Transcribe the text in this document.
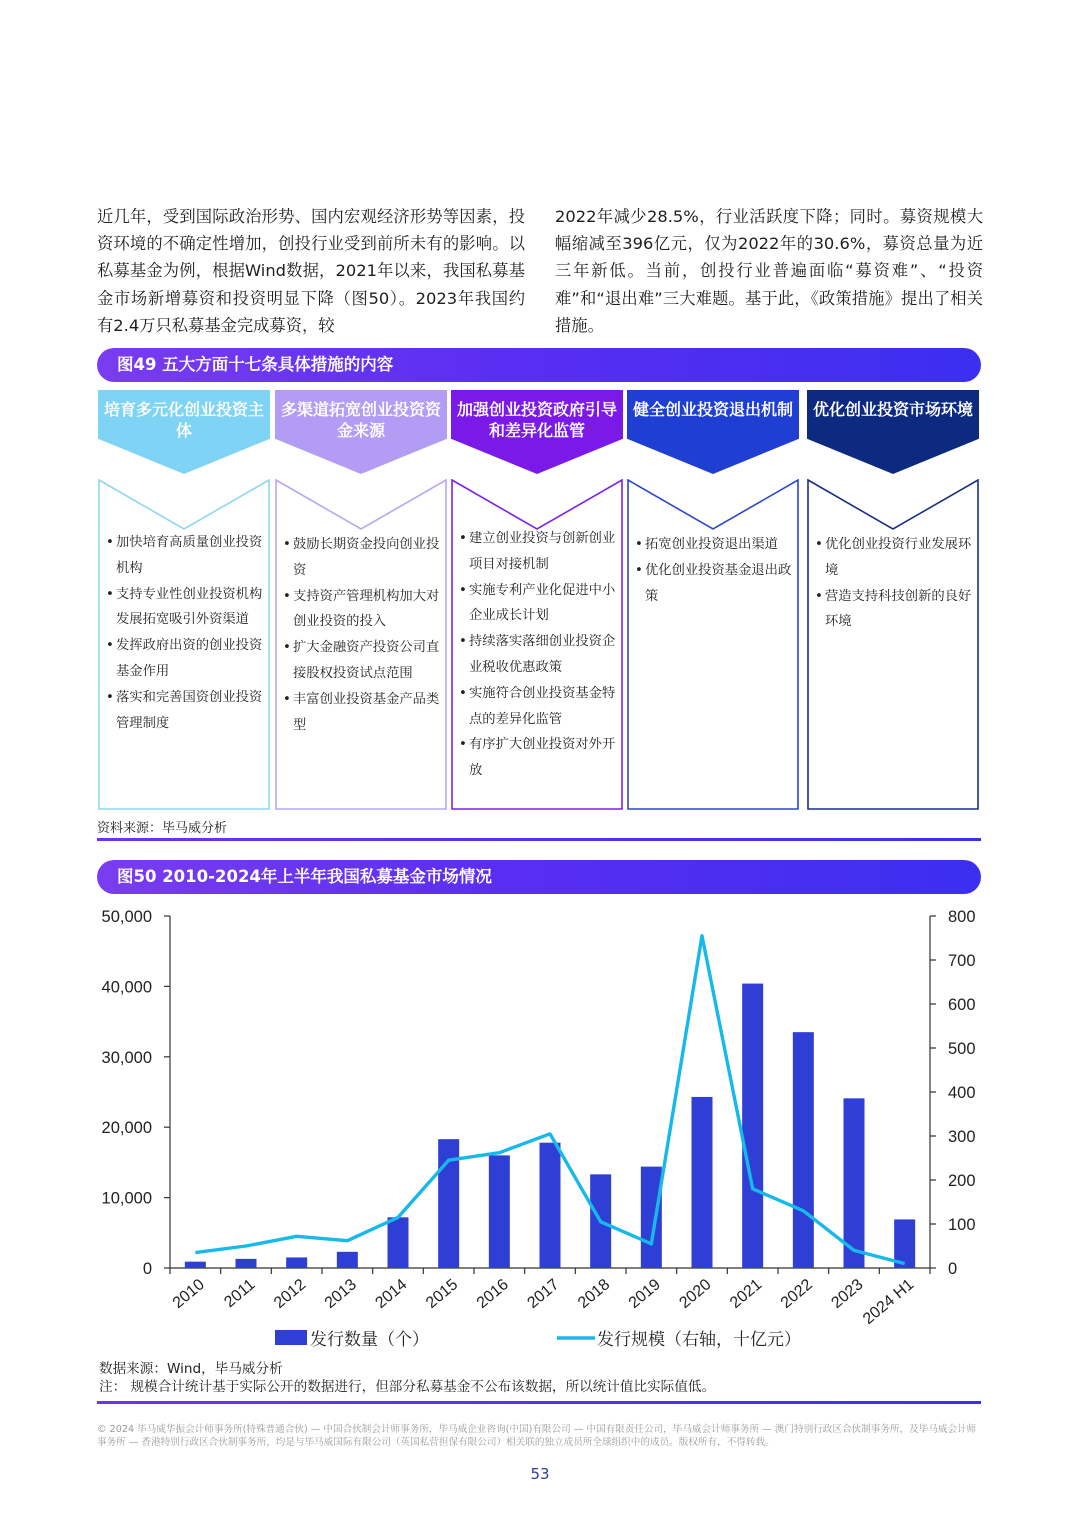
近几年，受到国际政治形势、国内宏观经济形势等因素，投资环境的不确定性增加，创投行业受到前所未有的影响。以私募基金为例，根据Wind数据，2021年以来，我国私募基金市场新增募资和投资明显下降（图50）。2023年我国约有2.4万只私募基金完成募资，较

2022年减少28.5%，行业活跃度下降；同时。募资规模大幅缩减至396亿元，仅为2022年的30.6%，募资总量为近三年新低。当前，创投行业普遍面临“募资难”、“投资难”和“退出难”三大难题。基于此，《政策措施》提出了相关措施。

图49 五大方面十七条具体措施的内容
培育多元化创业投资主体
• 加快培育高质量创业投资机构
• 支持专业性创业投资机构发展拓宽吸引外资渠道
• 发挥政府出资的创业投资基金作用
• 落实和完善国资创业投资管理制度
多渠道拓宽创业投资资金来源
• 鼓励长期资金投向创业投资
• 支持资产管理机构加大对创业投资的投入
• 扩大金融资产投资公司直接股权投资试点范围
• 丰富创业投资基金产品类型
加强创业投资政府引导和差异化监管
• 建立创业投资与创新创业项目对接机制
• 实施专利产业化促进中小企业成长计划
• 持续落实落细创业投资企业税收优惠政策
• 实施符合创业投资基金特点的差异化监管
• 有序扩大创业投资对外开放
健全创业投资退出机制
• 拓宽创业投资退出渠道
• 优化创业投资基金退出政策
优化创业投资市场环境
• 优化创业投资行业发展环境
• 营造支持科技创新的良好环境
资料来源：毕马威分析
图50 2010-2024年上半年我国私募基金市场情况
0
10,000
20,000
30,000
40,000
50,000
0
100
200
300
400
500
600
700
800
2010 2011 2012 2013 2014 2015 2016 2017 2018 2019 2020 2021 2022 2023
2024 H1
发行数量（个）	发行规模（右轴，十亿元）
数据来源：Wind，毕马威分析
注： 规模合计统计基于实际公开的数据进行，但部分私募基金不公布该数据，所以统计值比实际值低。
© 2024 毕马威华振会计师事务所(特殊普通合伙) — 中国合伙制会计师事务所，毕马威企业咨询(中国)有限公司 — 中国有限责任公司，毕马威会计师事务所 — 澳门特别行政区合伙制事务所，及毕马威会计师事务所 — 香港特别行政区合伙制事务所，均是与毕马威国际有限公司（英国私营担保有限公司）相关联的独立成员所全球组织中的成员。版权所有，不得转载。
53
